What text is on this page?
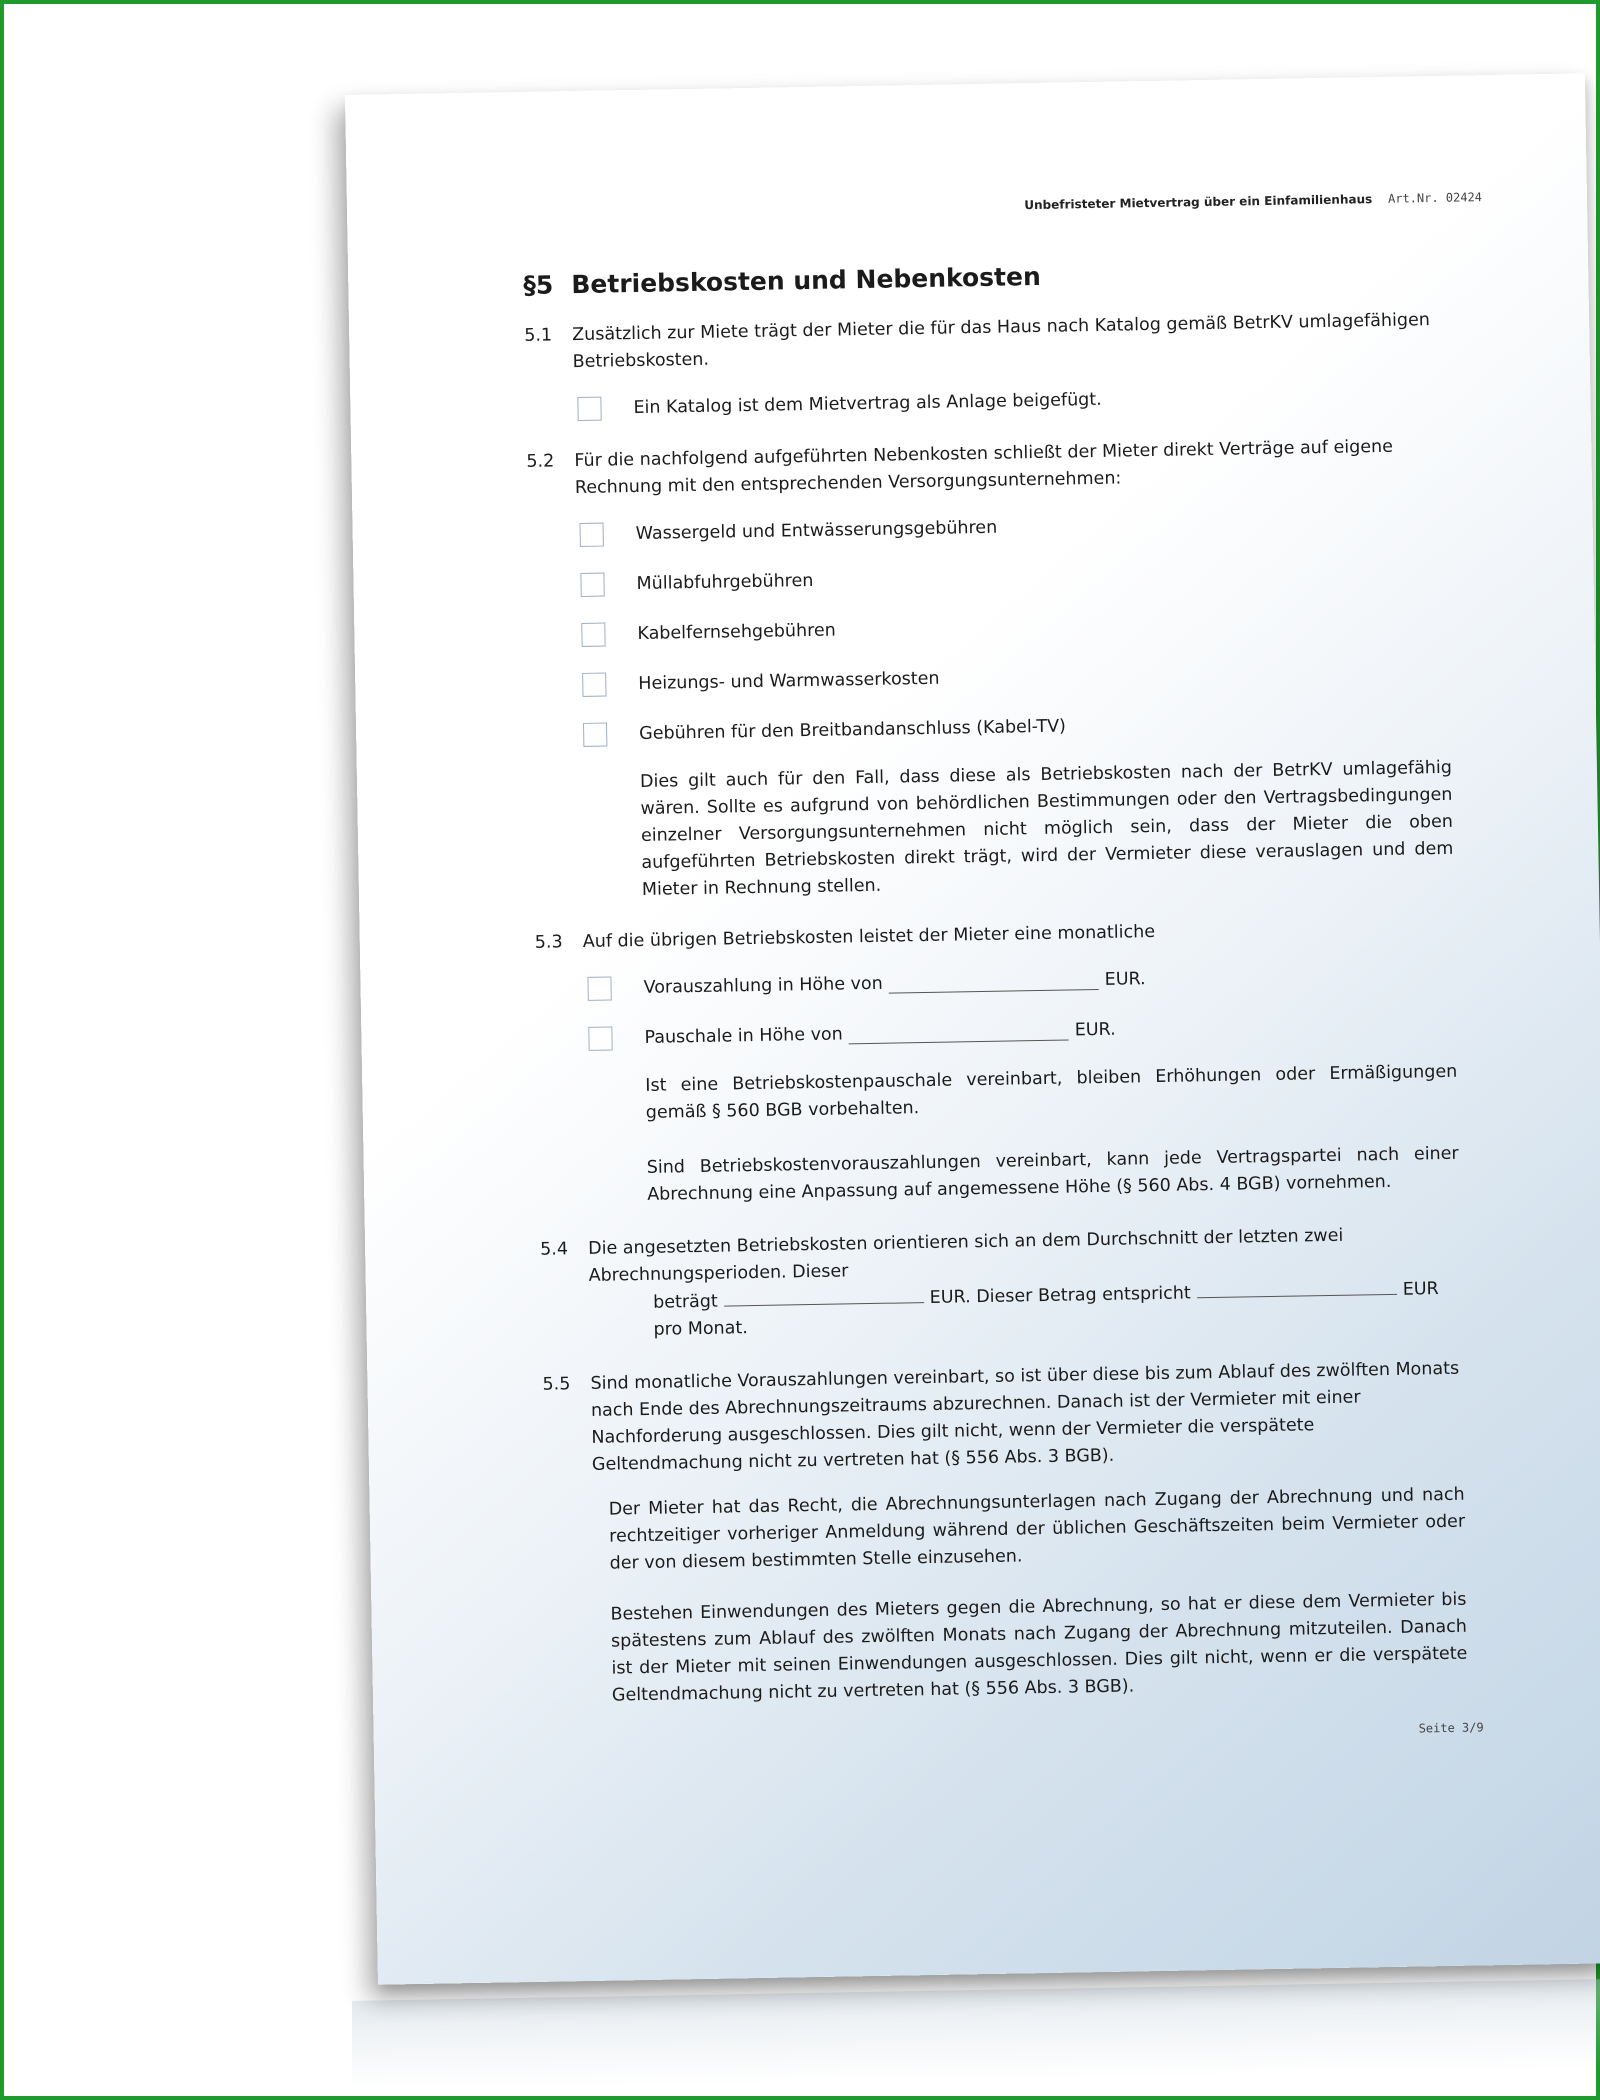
Unbefristeter Mietvertrag über ein Einfamilienhaus Art.Nr. 02424
§5 Betriebskosten und Nebenkosten
5.1	Zusätzlich zur Miete trägt der Mieter die für das Haus nach Katalog gemäß BetrKV umlagefähigen Betriebskosten.
Ein Katalog ist dem Mietvertrag als Anlage beigefügt.
5.2	Für die nachfolgend aufgeführten Nebenkosten schließt der Mieter direkt Verträge auf eigene Rechnung mit den entsprechenden Versorgungsunternehmen:
Wassergeld und Entwässerungsgebühren
Müllabfuhrgebühren
Kabelfernsehgebühren
Heizungs- und Warmwasserkosten
Gebühren für den Breitbandanschluss (Kabel-TV)
Dies gilt auch für den Fall, dass diese als Betriebskosten nach der BetrKV umlagefähig wären. Sollte es aufgrund von behördlichen Bestimmungen oder den Vertragsbedingungen einzelner Versorgungsunternehmen nicht möglich sein, dass der Mieter die oben aufgeführten Betriebskosten direkt trägt, wird der Vermieter diese verauslagen und dem Mieter in Rechnung stellen.
5.3	Auf die übrigen Betriebskosten leistet der Mieter eine monatliche
Vorauszahlung in Höhe von	EUR.
Pauschale in Höhe von	EUR.
Ist eine Betriebskostenpauschale vereinbart, bleiben Erhöhungen oder Ermäßigungen gemäß § 560 BGB vorbehalten.
Sind Betriebskostenvorauszahlungen vereinbart, kann jede Vertragspartei nach einer Abrechnung eine Anpassung auf angemessene Höhe (§ 560 Abs. 4 BGB) vornehmen.
5.4	Die angesetzten Betriebskosten orientieren sich an dem Durchschnitt der letzten zwei Abrechnungsperioden. Dieser
beträgt	EUR. Dieser Betrag entspricht	EUR pro Monat.
5.5	Sind monatliche Vorauszahlungen vereinbart, so ist über diese bis zum Ablauf des zwölften Monats nach Ende des Abrechnungszeitraums abzurechnen. Danach ist der Vermieter mit einer Nachforderung ausgeschlossen. Dies gilt nicht, wenn der Vermieter die verspätete Geltendmachung nicht zu vertreten hat (§ 556 Abs. 3 BGB).
Der Mieter hat das Recht, die Abrechnungsunterlagen nach Zugang der Abrechnung und nach rechtzeitiger vorheriger Anmeldung während der üblichen Geschäftszeiten beim Vermieter oder der von diesem bestimmten Stelle einzusehen.
Bestehen Einwendungen des Mieters gegen die Abrechnung, so hat er diese dem Vermieter bis spätestens zum Ablauf des zwölften Monats nach Zugang der Abrechnung mitzuteilen. Danach ist der Mieter mit seinen Einwendungen ausgeschlossen. Dies gilt nicht, wenn er die verspätete Geltendmachung nicht zu vertreten hat (§ 556 Abs. 3 BGB).
Seite 3/9
